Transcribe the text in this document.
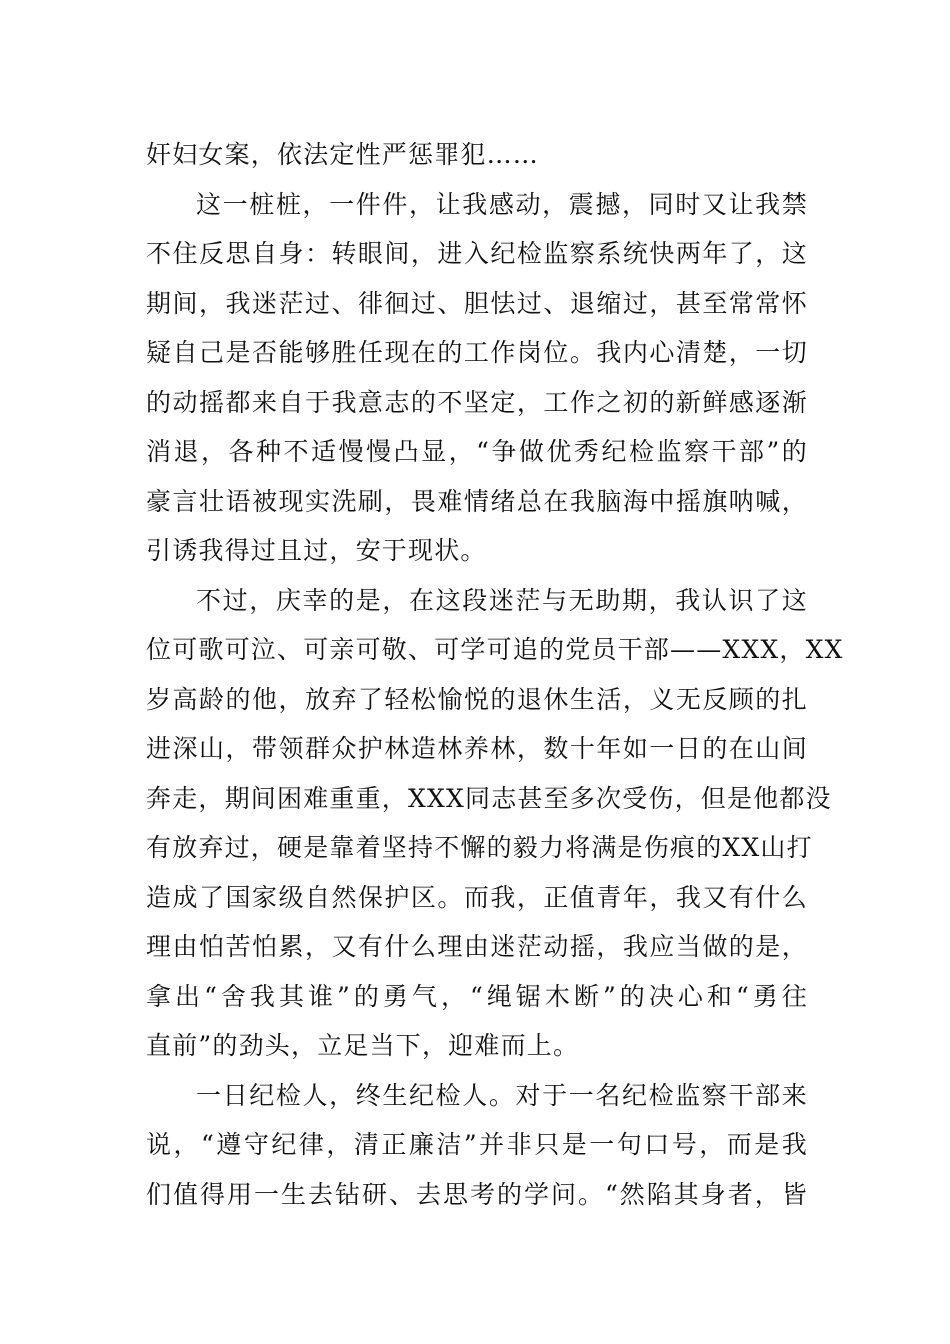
奸妇女案，依法定性严惩罪犯……
这一桩桩，一件件，让我感动，震撼，同时又让我禁
不住反思自身：转眼间，进入纪检监察系统快两年了，这
期间，我迷茫过、徘徊过、胆怯过、退缩过，甚至常常怀
疑自己是否能够胜任现在的工作岗位。我内心清楚，一切
的动摇都来自于我意志的不坚定，工作之初的新鲜感逐渐
消退，各种不适慢慢凸显，“争做优秀纪检监察干部”的
豪言壮语被现实洗刷，畏难情绪总在我脑海中摇旗呐喊，
引诱我得过且过，安于现状。
不过，庆幸的是，在这段迷茫与无助期，我认识了这
位可歌可泣、可亲可敬、可学可追的党员干部——XXX，XX
岁高龄的他，放弃了轻松愉悦的退休生活，义无反顾的扎
进深山，带领群众护林造林养林，数十年如一日的在山间
奔走，期间困难重重，XXX同志甚至多次受伤，但是他都没
有放弃过，硬是靠着坚持不懈的毅力将满是伤痕的XX山打
造成了国家级自然保护区。而我，正值青年，我又有什么
理由怕苦怕累，又有什么理由迷茫动摇，我应当做的是，
拿出“舍我其谁”的勇气，“绳锯木断”的决心和“勇往
直前”的劲头，立足当下，迎难而上。
一日纪检人，终生纪检人。对于一名纪检监察干部来
说，“遵守纪律，清正廉洁”并非只是一句口号，而是我
们值得用一生去钻研、去思考的学问。“然陷其身者，皆
